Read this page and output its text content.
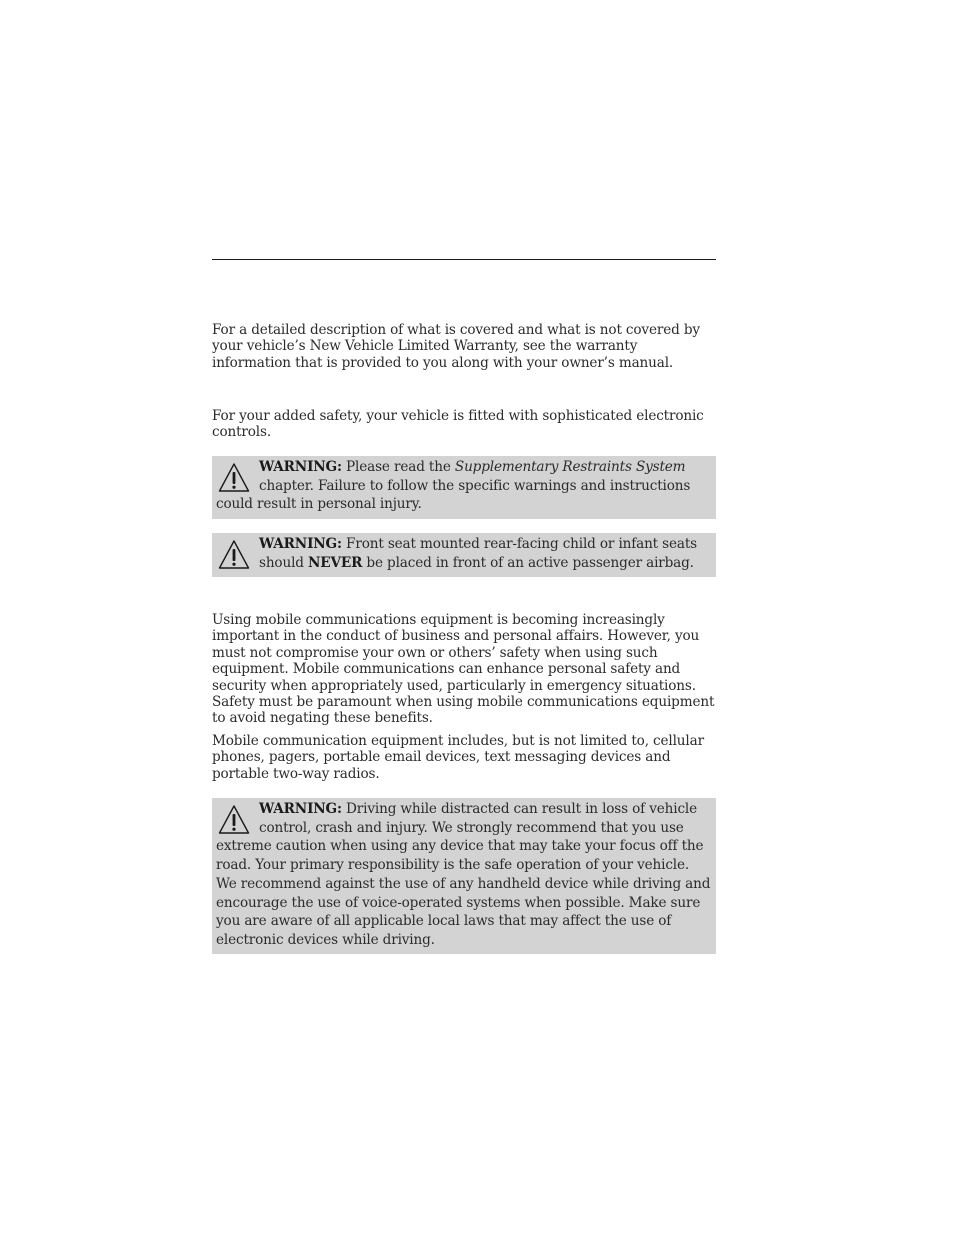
For a detailed description of what is covered and what is not covered by your vehicle’s New Vehicle Limited Warranty, see the warranty information that is provided to you along with your owner’s manual.

For your added safety, your vehicle is fitted with sophisticated electronic controls.

WARNING: Please read the Supplementary Restraints System chapter. Failure to follow the specific warnings and instructions could result in personal injury.
WARNING: Front seat mounted rear-facing child or infant seats should NEVER be placed in front of an active passenger airbag.

Using mobile communications equipment is becoming increasingly important in the conduct of business and personal affairs. However, you must not compromise your own or others’ safety when using such equipment. Mobile communications can enhance personal safety and security when appropriately used, particularly in emergency situations. Safety must be paramount when using mobile communications equipment to avoid negating these benefits.

Mobile communication equipment includes, but is not limited to, cellular phones, pagers, portable email devices, text messaging devices and portable two-way radios.

WARNING: Driving while distracted can result in loss of vehicle control, crash and injury. We strongly recommend that you use extreme caution when using any device that may take your focus off the road. Your primary responsibility is the safe operation of your vehicle. We recommend against the use of any handheld device while driving and encourage the use of voice-operated systems when possible. Make sure you are aware of all applicable local laws that may affect the use of electronic devices while driving.
